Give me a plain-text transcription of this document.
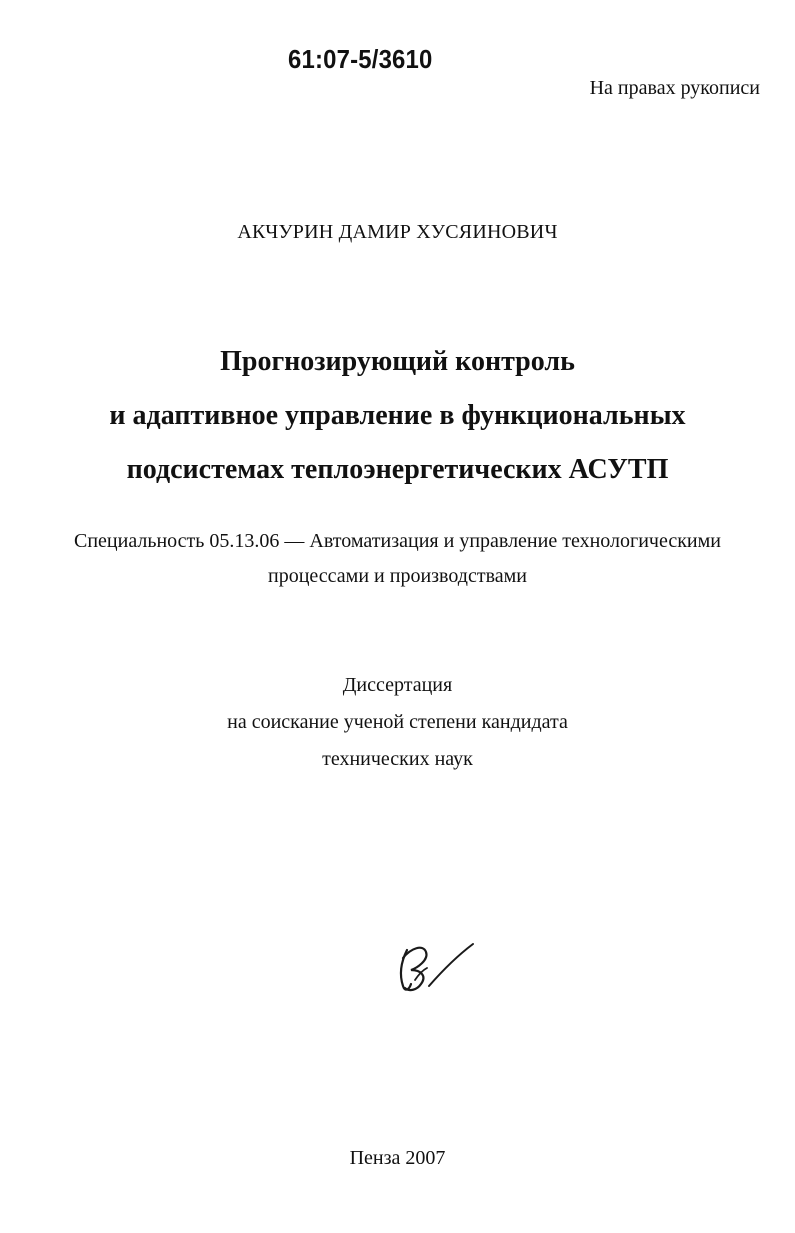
61:07-5/3610
На правах рукописи
АКЧУРИН ДАМИР ХУСЯИНОВИЧ
Прогнозирующий контроль
и адаптивное управление в функциональных
подсистемах теплоэнергетических АСУТП
Специальность 05.13.06 — Автоматизация и управление технологическими
процессами и производствами
Диссертация
на соискание ученой степени кандидата
технических наук
Пенза 2007
